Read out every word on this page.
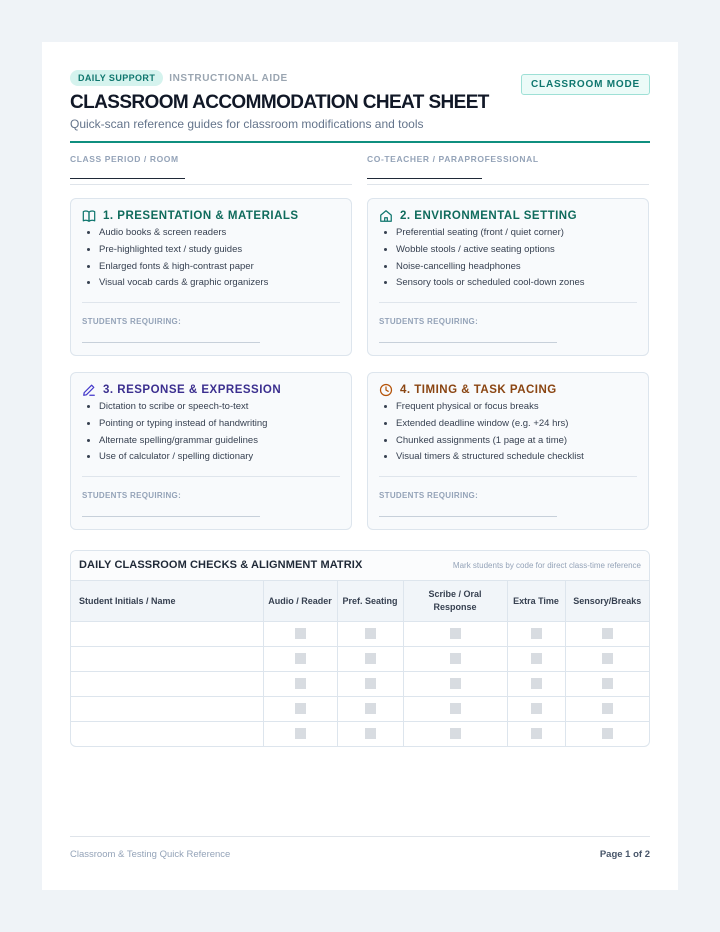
DAILY SUPPORT	INSTRUCTIONAL AIDE
CLASSROOM MODE
CLASSROOM ACCOMMODATION CHEAT SHEET
Quick-scan reference guides for classroom modifications and tools
CLASS PERIOD / ROOM	CO-TEACHER / PARAPROFESSIONAL
1. PRESENTATION & MATERIALS
• Audio books & screen readers
• Pre-highlighted text / study guides
• Enlarged fonts & high-contrast paper
• Visual vocab cards & graphic organizers
STUDENTS REQUIRING:
2. ENVIRONMENTAL SETTING
• Preferential seating (front / quiet corner)
• Wobble stools / active seating options
• Noise-cancelling headphones
• Sensory tools or scheduled cool-down zones
STUDENTS REQUIRING:
3. RESPONSE & EXPRESSION
• Dictation to scribe or speech-to-text
• Pointing or typing instead of handwriting
• Alternate spelling/grammar guidelines
• Use of calculator / spelling dictionary
STUDENTS REQUIRING:
4. TIMING & TASK PACING
• Frequent physical or focus breaks
• Extended deadline window (e.g. +24 hrs)
• Chunked assignments (1 page at a time)
• Visual timers & structured schedule checklist
STUDENTS REQUIRING:
DAILY CLASSROOM CHECKS & ALIGNMENT MATRIX	Mark students by code for direct class-time reference
Student Initials / Name	Audio / Reader	Pref. Seating	Scribe / Oral Response	Extra Time	Sensory/Breaks

Classroom & Testing Quick Reference	Page 1 of 2
